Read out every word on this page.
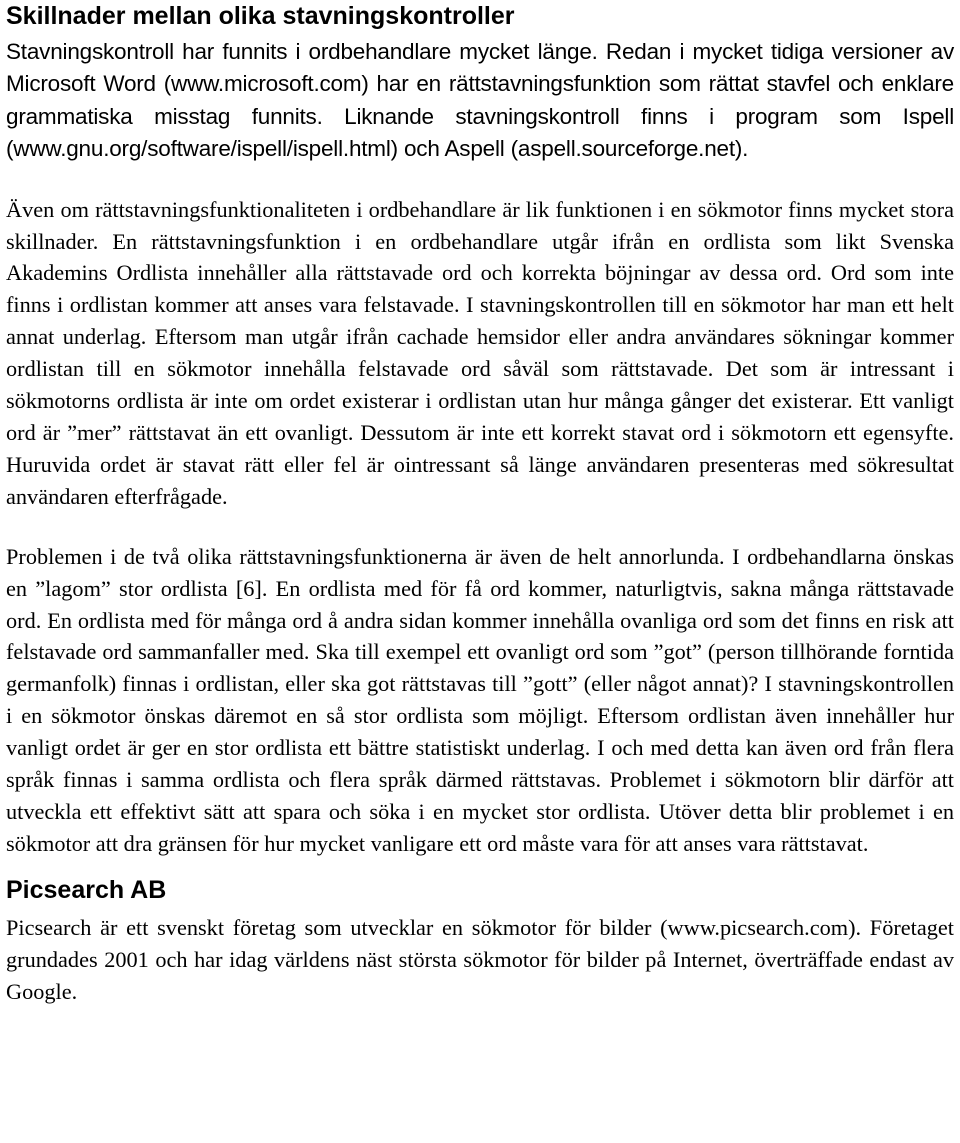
Skillnader mellan olika stavningskontroller

Stavningskontroll har funnits i ordbehandlare mycket länge. Redan i mycket tidiga versioner av Microsoft Word (www.microsoft.com) har en rättstavningsfunktion som rättat stavfel och enklare grammatiska misstag funnits. Liknande stavningskontroll finns i program som Ispell (www.gnu.org/software/ispell/ispell.html) och Aspell (aspell.sourceforge.net).

Även om rättstavningsfunktionaliteten i ordbehandlare är lik funktionen i en sökmotor finns mycket stora skillnader. En rättstavningsfunktion i en ordbehandlare utgår ifrån en ordlista som likt Svenska Akademins Ordlista innehåller alla rättstavade ord och korrekta böjningar av dessa ord. Ord som inte finns i ordlistan kommer att anses vara felstavade. I stavningskontrollen till en sökmotor har man ett helt annat underlag. Eftersom man utgår ifrån cachade hemsidor eller andra användares sökningar kommer ordlistan till en sökmotor innehålla felstavade ord såväl som rättstavade. Det som är intressant i sökmotorns ordlista är inte om ordet existerar i ordlistan utan hur många gånger det existerar. Ett vanligt ord är ”mer” rättstavat än ett ovanligt. Dessutom är inte ett korrekt stavat ord i sökmotorn ett egensyfte. Huruvida ordet är stavat rätt eller fel är ointressant så länge användaren presenteras med sökresultat användaren efterfrågade.

Problemen i de två olika rättstavningsfunktionerna är även de helt annorlunda. I ordbehandlarna önskas en ”lagom” stor ordlista [6]. En ordlista med för få ord kommer, naturligtvis, sakna många rättstavade ord. En ordlista med för många ord å andra sidan kommer innehålla ovanliga ord som det finns en risk att felstavade ord sammanfaller med. Ska till exempel ett ovanligt ord som ”got” (person tillhörande forntida germanfolk) finnas i ordlistan, eller ska got rättstavas till ”gott” (eller något annat)? I stavningskontrollen i en sökmotor önskas däremot en så stor ordlista som möjligt. Eftersom ordlistan även innehåller hur vanligt ordet är ger en stor ordlista ett bättre statistiskt underlag. I och med detta kan även ord från flera språk finnas i samma ordlista och flera språk därmed rättstavas. Problemet i sökmotorn blir därför att utveckla ett effektivt sätt att spara och söka i en mycket stor ordlista. Utöver detta blir problemet i en sökmotor att dra gränsen för hur mycket vanligare ett ord måste vara för att anses vara rättstavat.

Picsearch AB

Picsearch är ett svenskt företag som utvecklar en sökmotor för bilder (www.picsearch.com). Företaget grundades 2001 och har idag världens näst största sökmotor för bilder på Internet, överträffade endast av Google.
